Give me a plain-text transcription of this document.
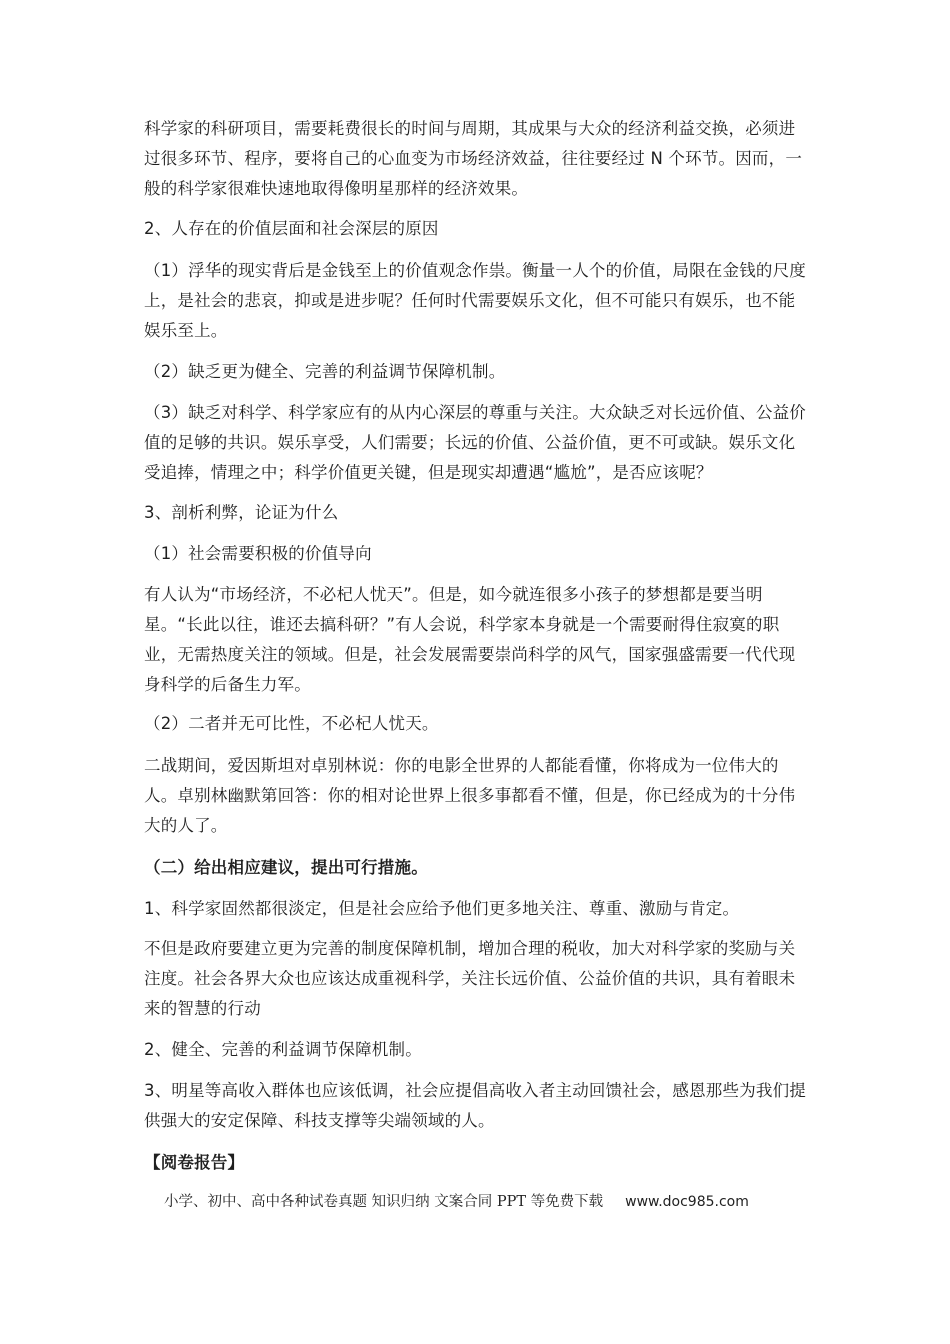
科学家的科研项目，需要耗费很长的时间与周期，其成果与大众的经济利益交换，必须进过很多环节、程序，要将自己的心血变为市场经济效益，往往要经过 N 个环节。因而，一般的科学家很难快速地取得像明星那样的经济效果。

2、人存在的价值层面和社会深层的原因

（1）浮华的现实背后是金钱至上的价值观念作祟。衡量一人个的价值，局限在金钱的尺度上，是社会的悲哀，抑或是进步呢？任何时代需要娱乐文化，但不可能只有娱乐，也不能娱乐至上。

（2）缺乏更为健全、完善的利益调节保障机制。

（3）缺乏对科学、科学家应有的从内心深层的尊重与关注。大众缺乏对长远价值、公益价值的足够的共识。娱乐享受，人们需要；长远的价值、公益价值，更不可或缺。娱乐文化受追捧，情理之中；科学价值更关键，但是现实却遭遇“尴尬”，是否应该呢？

3、剖析利弊，论证为什么

（1）社会需要积极的价值导向

有人认为“市场经济，不必杞人忧天”。但是，如今就连很多小孩子的梦想都是要当明星。“长此以往，谁还去搞科研？”有人会说，科学家本身就是一个需要耐得住寂寞的职业，无需热度关注的领域。但是，社会发展需要崇尚科学的风气，国家强盛需要一代代现身科学的后备生力军。

（2）二者并无可比性，不必杞人忧天。

二战期间，爱因斯坦对卓别林说：你的电影全世界的人都能看懂，你将成为一位伟大的人。卓别林幽默第回答：你的相对论世界上很多事都看不懂，但是，你已经成为的十分伟大的人了。

（二）给出相应建议，提出可行措施。

1、科学家固然都很淡定，但是社会应给予他们更多地关注、尊重、激励与肯定。

不但是政府要建立更为完善的制度保障机制，增加合理的税收，加大对科学家的奖励与关注度。社会各界大众也应该达成重视科学，关注长远价值、公益价值的共识，具有着眼未来的智慧的行动

2、健全、完善的利益调节保障机制。

3、明星等高收入群体也应该低调，社会应提倡高收入者主动回馈社会，感恩那些为我们提供强大的安定保障、科技支撑等尖端领域的人。

【阅卷报告】

小学、初中、高中各种试卷真题 知识归纳 文案合同 PPT 等免费下载 www.doc985.com
